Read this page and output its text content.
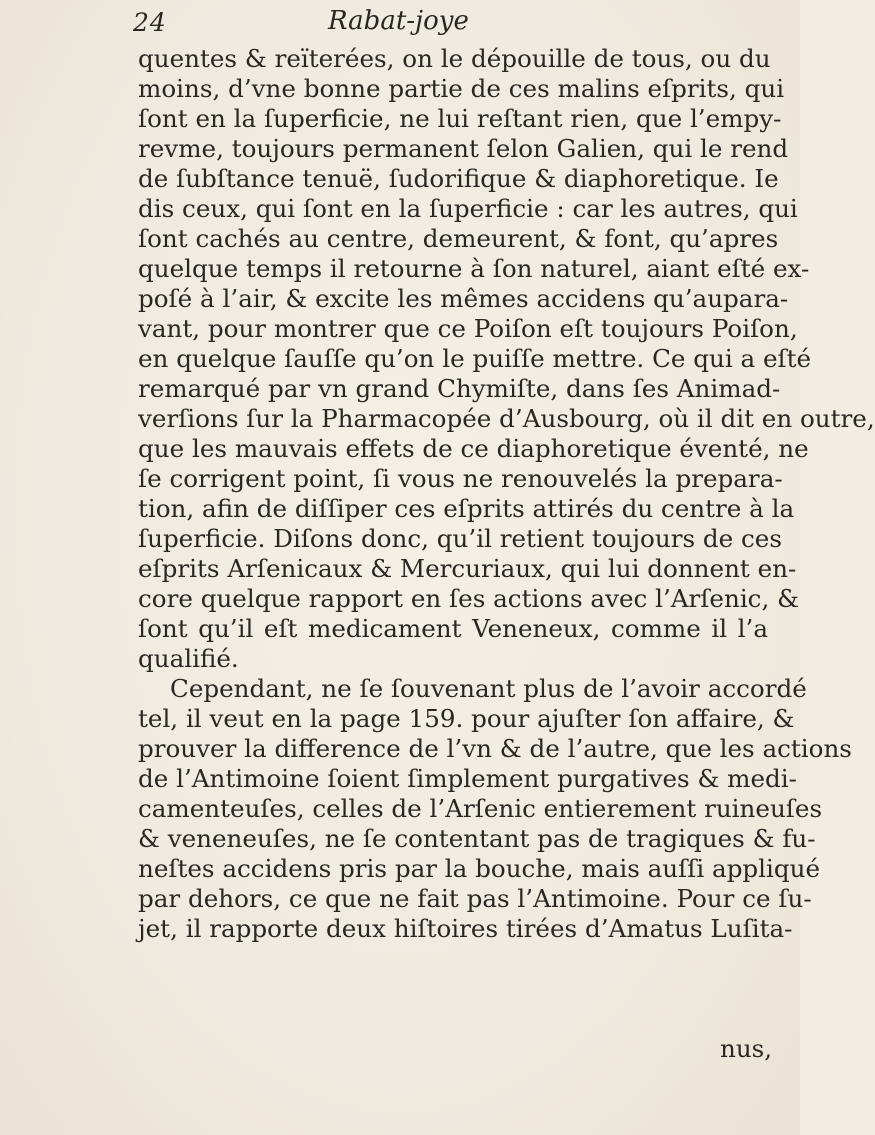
24	Rabat-joye
quentes & reïterées, on le dépouille de tous, ou du
moins, d’vne bonne partie de ces malins eſprits, qui
ſont en la ſuperficie, ne lui reſtant rien, que l’empy-
revme, toujours permanent ſelon Galien, qui le rend
de ſubſtance tenuë, ſudorifique & diaphoretique. Ie
dis ceux, qui ſont en la ſuperficie : car les autres, qui
ſont cachés au centre, demeurent, & font, qu’apres
quelque temps il retourne à ſon naturel, aiant eſté ex-
poſé à l’air, & excite les mêmes accidens qu’aupara-
vant, pour montrer que ce Poiſon eſt toujours Poiſon,
en quelque ſauſſe qu’on le puiſſe mettre. Ce qui a eſté
remarqué par vn grand Chymiſte, dans ſes Animad-
verſions ſur la Pharmacopée d’Ausbourg, où il dit en outre,
que les mauvais effets de ce diaphoretique éventé, ne
ſe corrigent point, ſi vous ne renouvelés la prepara-
tion, afin de diſſiper ces eſprits attirés du centre à la
ſuperficie. Diſons donc, qu’il retient toujours de ces
eſprits Arſenicaux & Mercuriaux, qui lui donnent en-
core quelque rapport en ſes actions avec l’Arſenic, &
ſont qu’il eſt medicament Veneneux, comme il l’a
qualifié.
Cependant, ne ſe ſouvenant plus de l’avoir accordé
tel, il veut en la page 159. pour ajuſter ſon affaire, &
prouver la difference de l’vn & de l’autre, que les actions
de l’Antimoine ſoient ſimplement purgatives & medi-
camenteuſes, celles de l’Arſenic entierement ruineuſes
& veneneuſes, ne ſe contentant pas de tragiques & fu-
neſtes accidens pris par la bouche, mais auſſi appliqué
par dehors, ce que ne fait pas l’Antimoine. Pour ce ſu-
jet, il rapporte deux hiſtoires tirées d’Amatus Luſita-
nus,
